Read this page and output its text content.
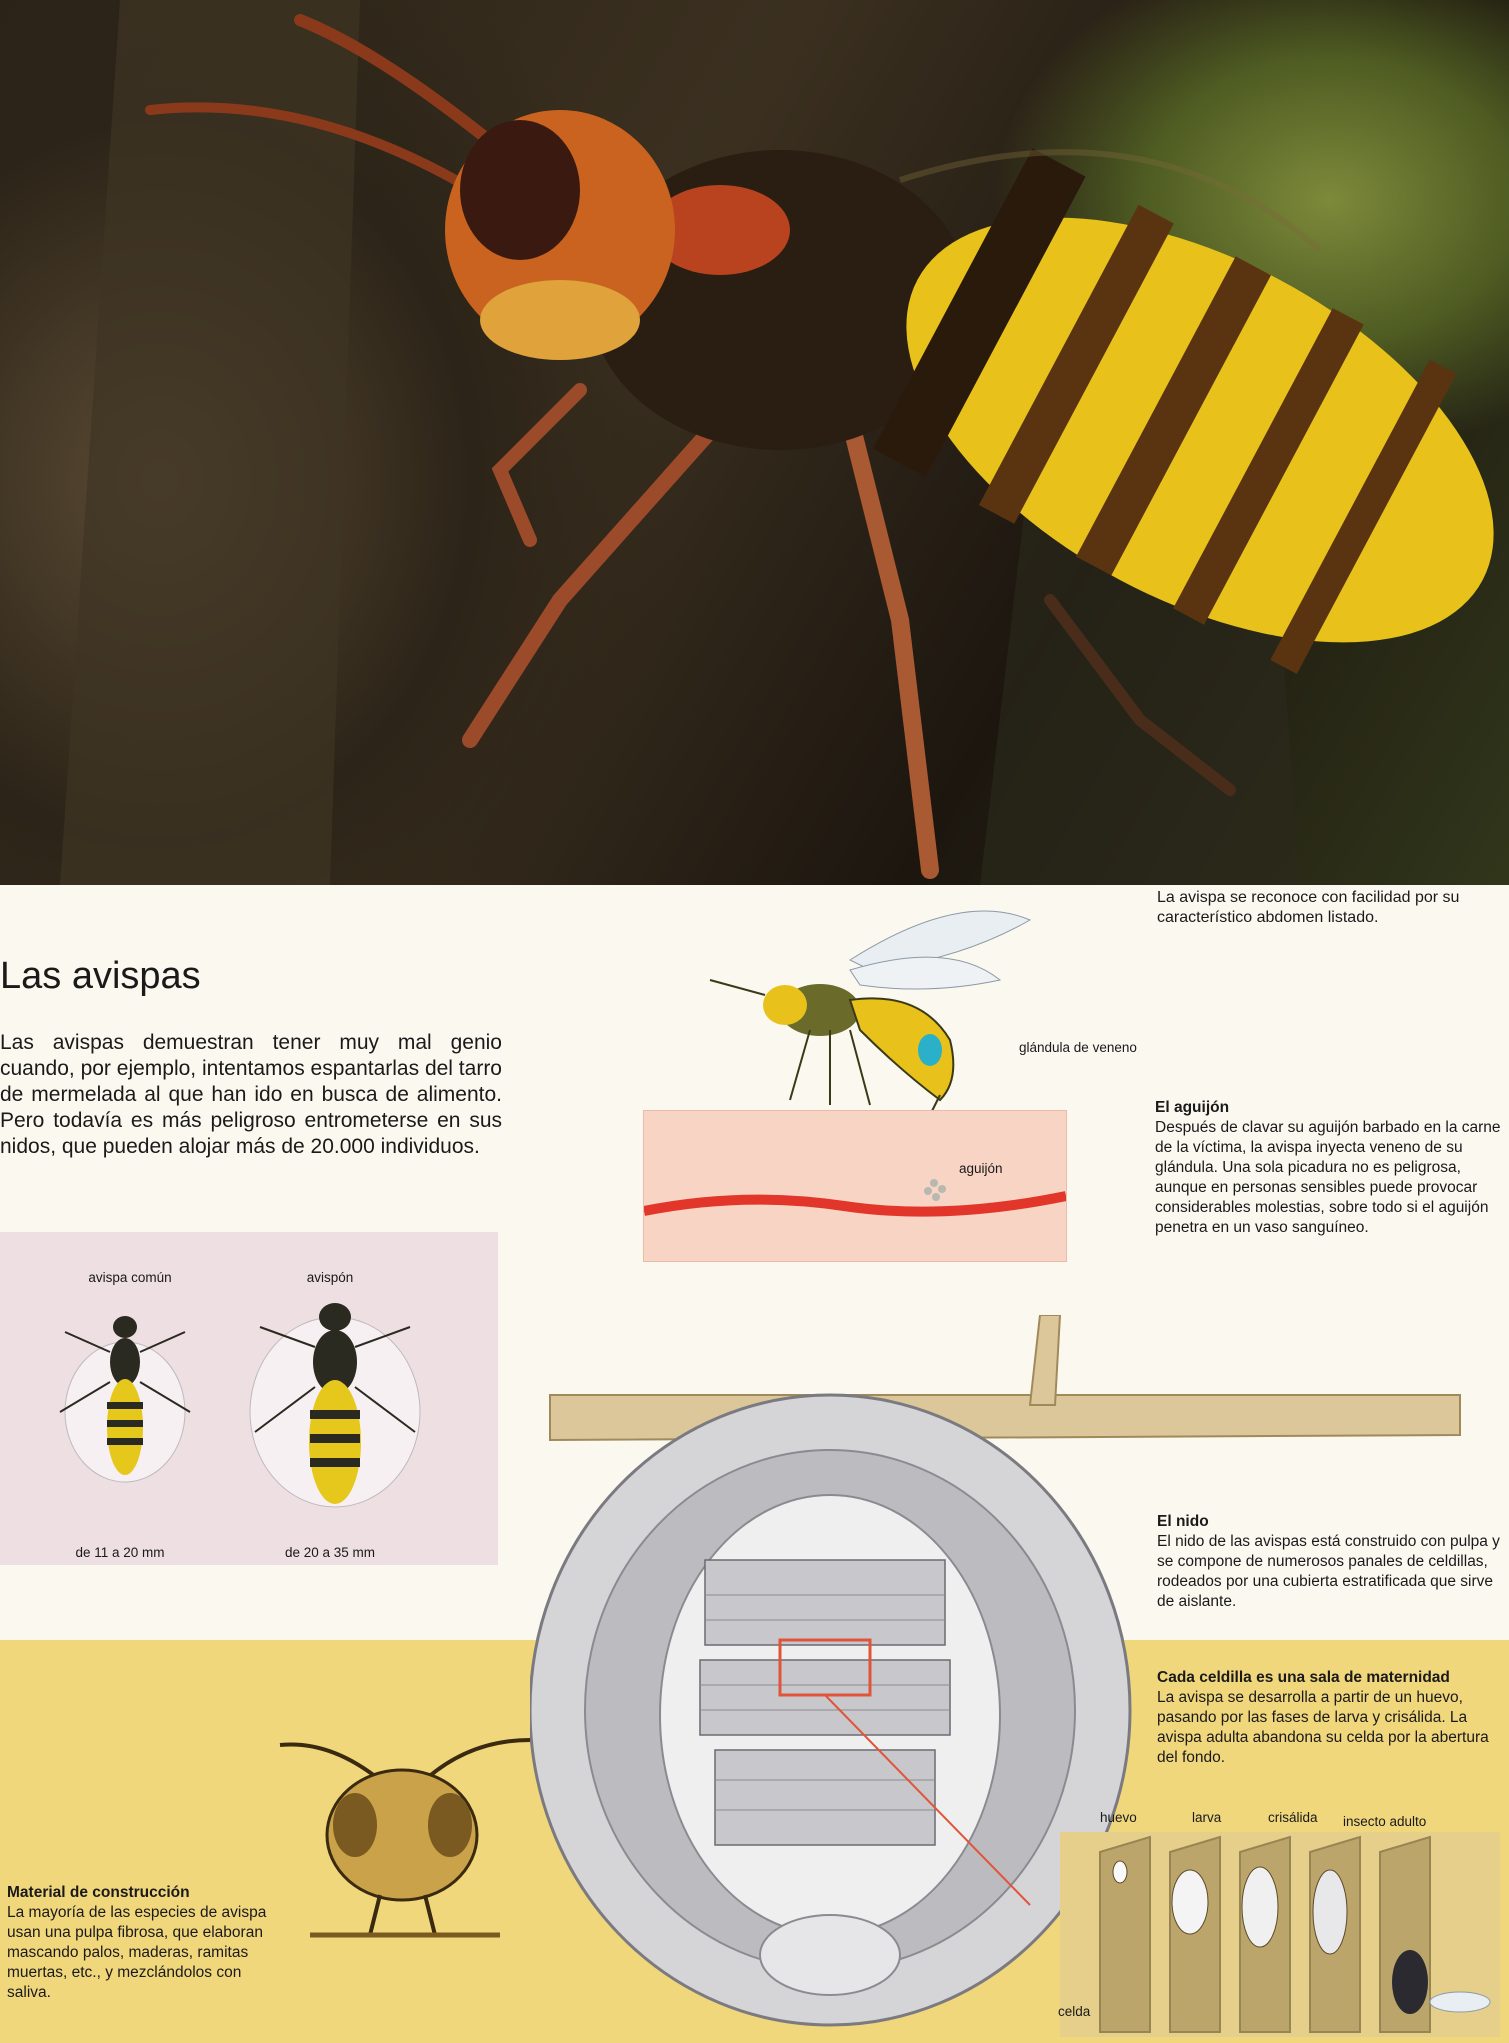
La avispa se reconoce con facilidad por su característico abdomen listado.
Las avispas
Las avispas demuestran tener muy mal genio cuando, por ejemplo, intentamos espantarlas del tarro de mermelada al que han ido en busca de alimento. Pero todavía es más peligroso entrometerse en sus nidos, que pueden alojar más de 20.000 individuos.
avispa común	avispón
de 11 a 20 mm	de 20 a 35 mm
glándula de veneno
aguijón
El aguijón
Después de clavar su aguijón barbado en la carne de la víctima, la avispa inyecta veneno de su glándula. Una sola picadura no es peligrosa, aunque en personas sensibles puede provocar considerables molestias, sobre todo si el aguijón penetra en un vaso sanguíneo.
El nido
El nido de las avispas está construido con pulpa y se compone de numerosos panales de celdillas, rodeados por una cubierta estratificada que sirve de aislante.
Cada celdilla es una sala de maternidad
La avispa se desarrolla a partir de un huevo, pasando por las fases de larva y crisálida. La avispa adulta abandona su celda por la abertura del fondo.
huevo	larva	crisálida insecto adulto
celda
Material de construcción
La mayoría de las especies de avispa usan una pulpa fibrosa, que elaboran mascando palos, maderas, ramitas muertas, etc., y mezclándolos con saliva.
